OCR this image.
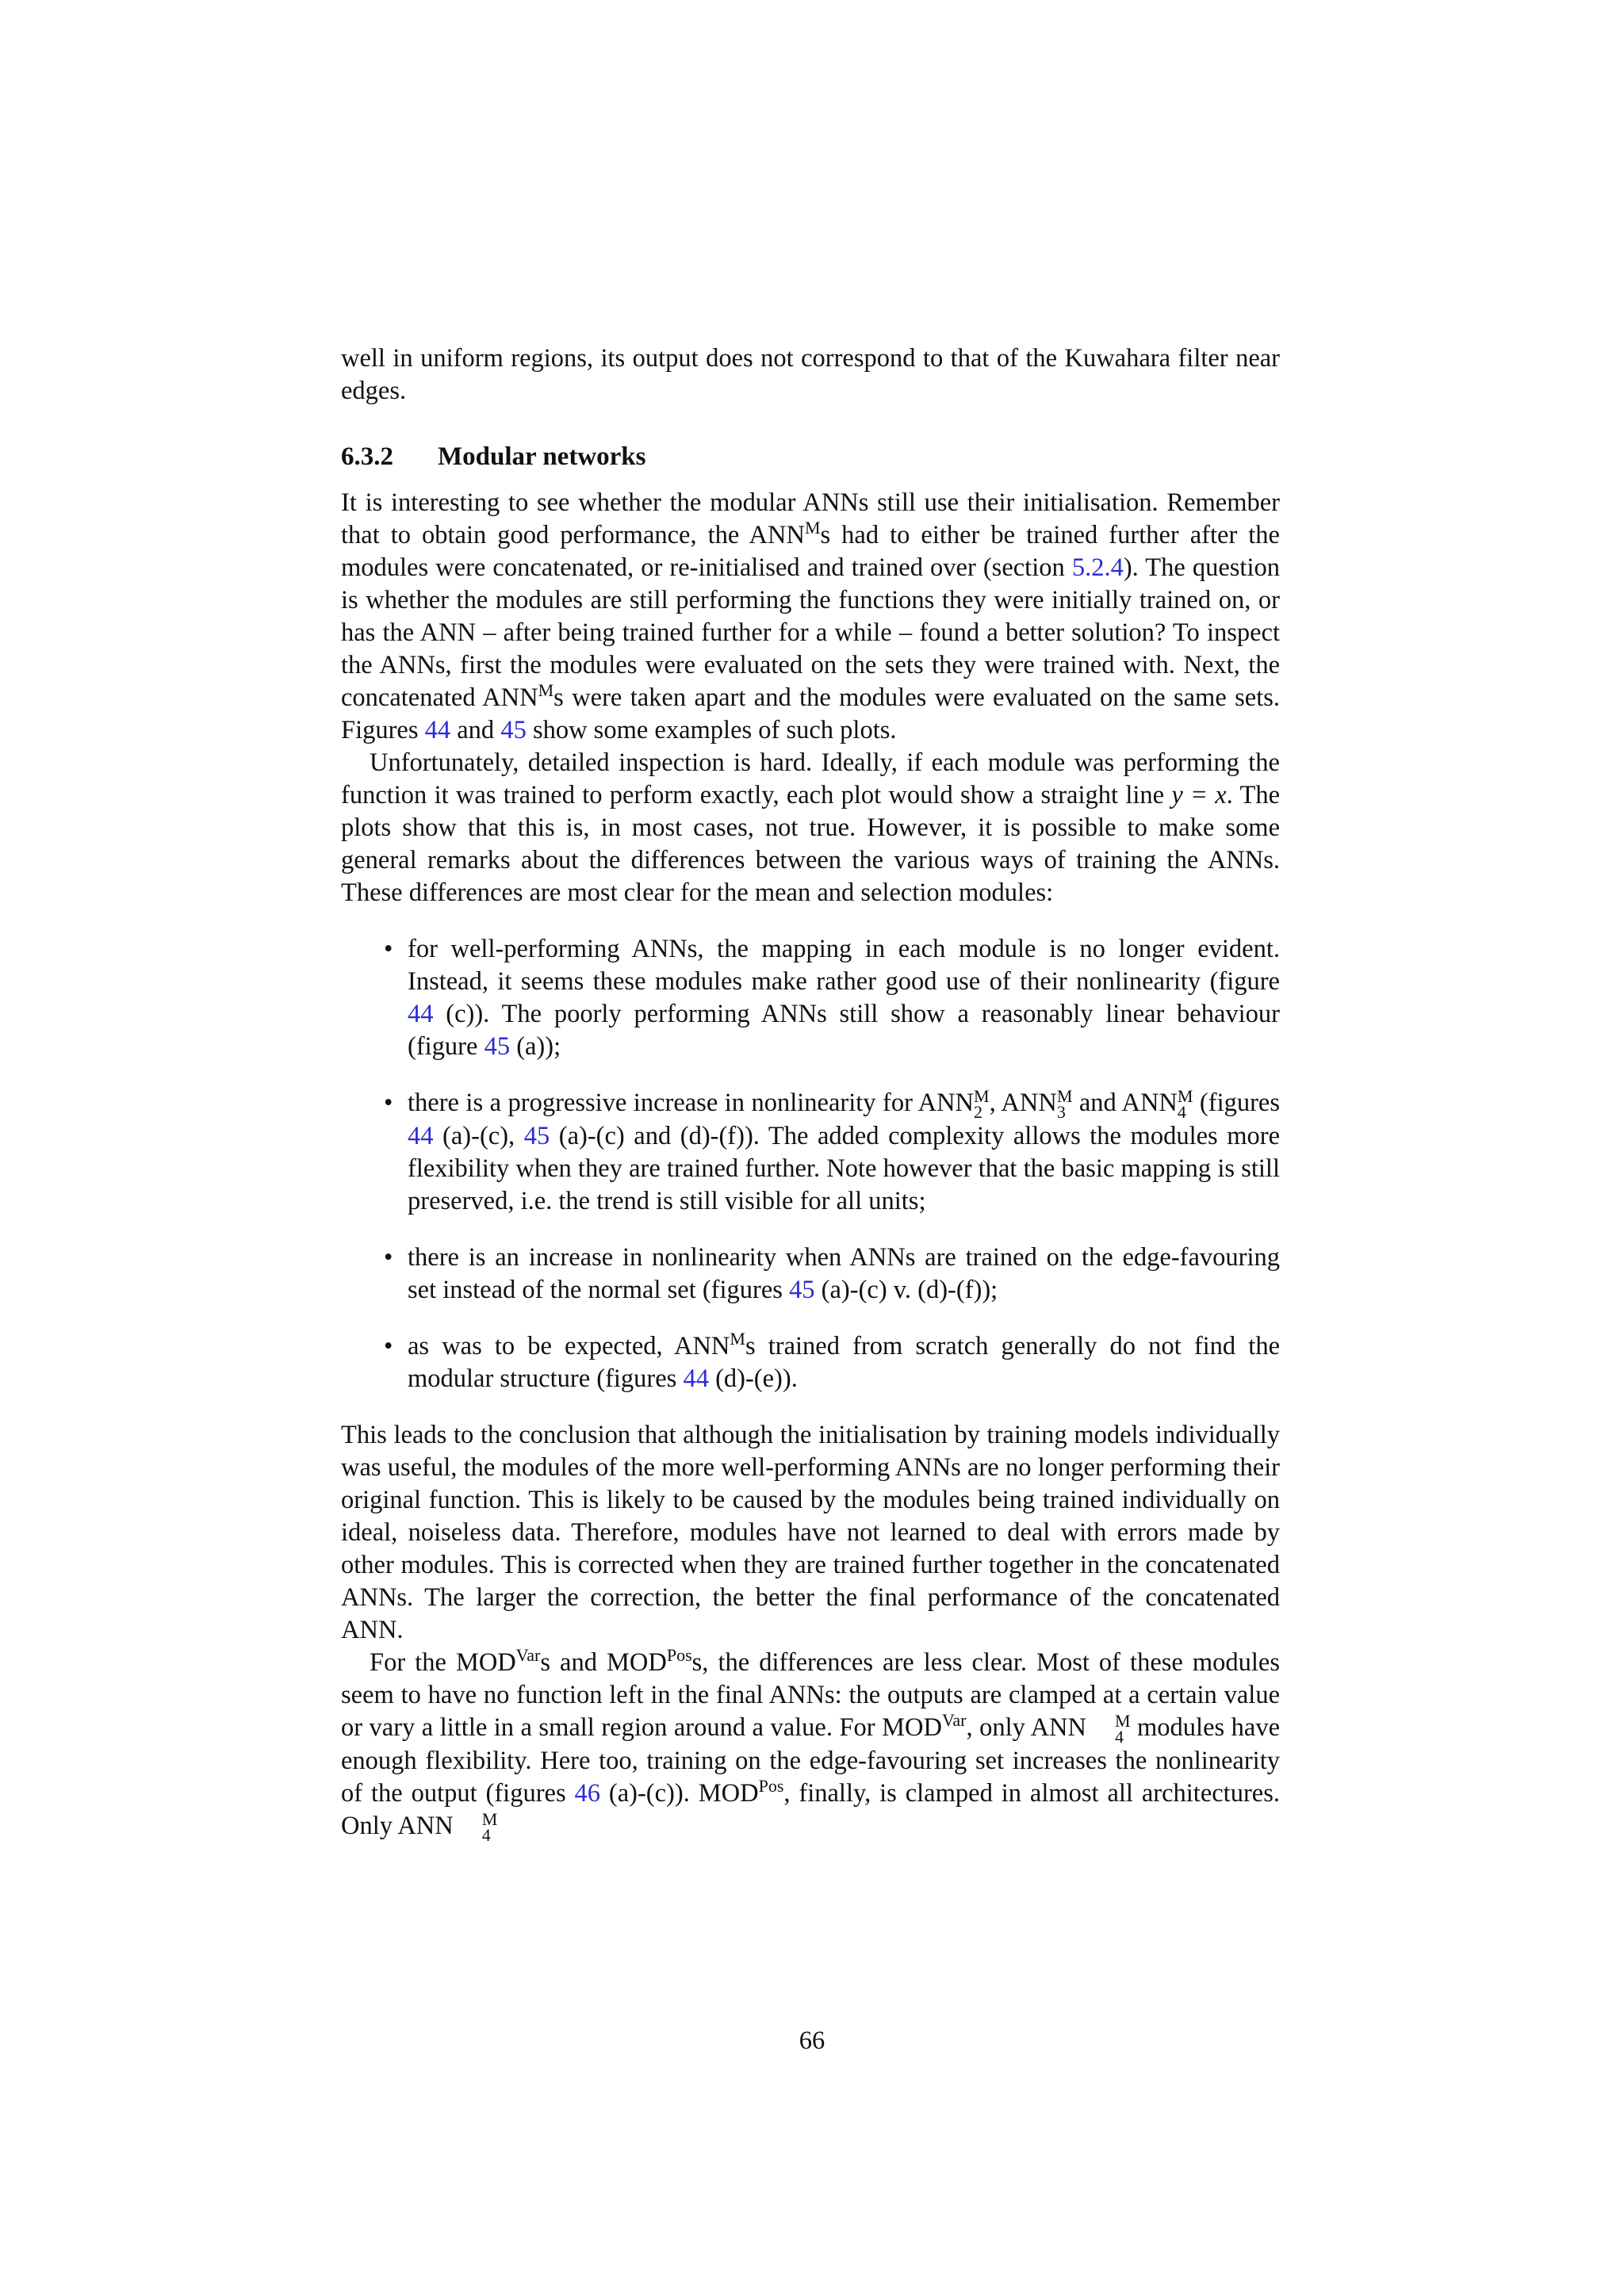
well in uniform regions, its output does not correspond to that of the Kuwahara filter near edges.

6.3.2 Modular networks

It is interesting to see whether the modular ANNs still use their initialisation. Remember that to obtain good performance, the $ANN^Ms$ had to either be trained further after the modules were concatenated, or re-initialised and trained over (section 5.2.4). The question is whether the modules are still performing the functions they were initially trained on, or has the ANN – after being trained further for a while – found a better solution? To inspect the ANNs, first the modules were evaluated on the sets they were trained with. Next, the concatenated $ANN^Ms$ were taken apart and the modules were evaluated on the same sets. Figures 44 and 45 show some examples of such plots.

Unfortunately, detailed inspection is hard. Ideally, if each module was performing the function it was trained to perform exactly, each plot would show a straight line y = x. The plots show that this is, in most cases, not true. However, it is possible to make some general remarks about the differences between the various ways of training the ANNs. These differences are most clear for the mean and selection modules:

• for well-performing ANNs, the mapping in each module is no longer evident. Instead, it seems these modules make rather good use of their nonlinearity (figure 44 (c)). The poorly performing ANNs still show a reasonably linear behaviour (figure 45 (a));
• there is a progressive increase in nonlinearity for ANN M
2 , ANN M
3 and ANN M
4 (figures 44 (a)-(c), 45 (a)-(c) and (d)-(f)). The added complexity allows the modules more flexibility when they are trained further. Note however that the basic mapping is still preserved, i.e. the trend is still visible for all units;
• there is an increase in nonlinearity when ANNs are trained on the edge-favouring set instead of the normal set (figures 45 (a)-(c) v. (d)-(f));
• as was to be expected, $ANN^Ms$ trained from scratch generally do not find the modular structure (figures 44 (d)-(e)).

This leads to the conclusion that although the initialisation by training models individually was useful, the modules of the more well-performing ANNs are no longer performing their original function. This is likely to be caused by the modules being trained individually on ideal, noiseless data. Therefore, modules have not learned to deal with errors made by other modules. This is corrected when they are trained further together in the concatenated ANNs. The larger the correction, the better the final performance of the concatenated ANN.

For the $MOD^{Var}s$ and $MOD^{Pos}s$, the differences are less clear. Most of these modules seem to have no function left in the final ANNs: the outputs are clamped at a certain value or vary a little in a small region around a value. For $MOD^{Var}$, only ANN	M
4 modules have enough flexibility. Here too, training on the edge-favouring set increases the nonlinearity of the output (figures 46 (a)-(c)). $MOD^{Pos}$, finally, is clamped in almost all architectures. Only ANN	M
4

66
